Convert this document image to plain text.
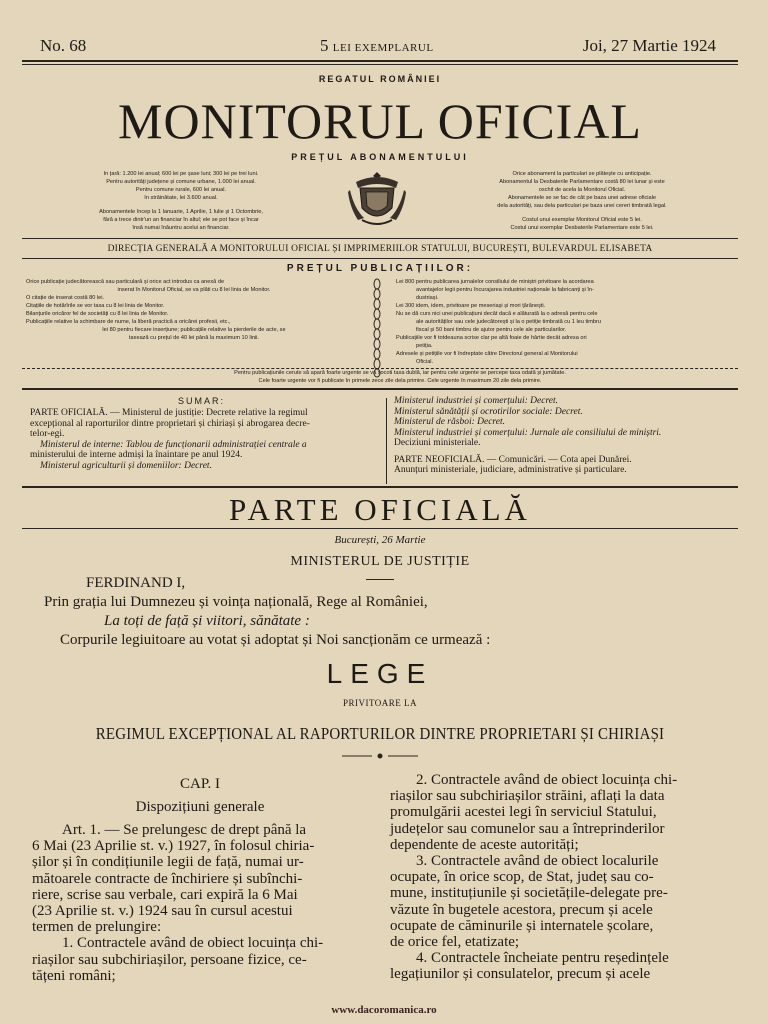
No. 68	5 LEI EXEMPLARUL	Joi, 27 Martie 1924
REGATUL ROMÂNIEI
MONITORUL OFICIAL
PREȚUL ABONAMENTULUI
In țară: 1.200 lei anual; 600 lei pe șase luni; 300 lei pe trei luni.
Pentru autorități județene și comune urbane, 1.000 lei anual.
Pentru comune rurale, 600 lei anual.
In străinătate, lei 3.600 anual.
Abonamentele încep la 1 Ianuarie, 1 Aprilie, 1 Iulie și 1 Octombrie,
fără a trece dintr'un an financiar în altul; ele se pot face și încar
însă numai înăuntru acelui an financiar.
Orice abonament la particulari se plătește cu anticipație.
Abonamentul la Desbaterile Parlamentare costă 80 lei lunar și este
oschit de acela la Monitorul Oficial.
Abonamentele se se fac de cât pe baza unei adrese oficiale
dela autorități, sau dela particulari pe baza unei cereri timbrată legal.
Costul unui exemplar Monitorul Oficial este 5 lei.
Costul unui exemplar Desbaterile Parlamentare este 5 lei.
DIRECȚIA GENERALĂ A MONITORULUI OFICIAL ȘI IMPRIMERIILOR STATULUI, BUCUREȘTI, BULEVARDUL ELISABETA
PREȚUL PUBLICAȚIILOR:
Orice publicație judecătorească sau particulară și orice act introdus ca anexă de
inserat în Monitorul Oficial, se va plăti cu 8 lei linia de Monitor.
O citație de inserat costă 80 lei.
Citațiile de hotărîrile se vor taxa cu 8 lei linia de Monitor.
Bilanțurile oricăror fel de societăți cu 8 lei linia de Monitor.
Publicațiile relative la schimbare de nume, la liberă practică a oricărei profesii, etc.,
lei 80 pentru fiecare inserțiune; publicațiile relative la pierderile de acte, se
taxează cu prețul de 40 lei până la maximum 10 linii.
Lei 800 pentru publicarea jurnalelor consiliului de miniștri privitoare la acordarea
avantajelor legii pentru încurajarea industriei naționale la fabricanți și în-
dustriași.
Lei 300 idem, idem, privitoare pe meseriași și mori țărănești.
Nu se dă curs nici unei publicațiuni decât dacă e alăturată la o adresă pentru cele
ale autorităților sau cele judecătorești și la o petiție timbrată cu 1 leu timbru
fiscal și 50 bani timbru de ajutor pentru cele ale particularilor.
Publicațiile vor fi totdeauna scrise clar pe altă foaie de hârtie decât adresa ori
petiția.
Adresele și petițiile vor fi îndreptate către Directorul general al Monitorului
Oficial.
Pentru publicațiunile cerute să apară foarte urgente se va socoti taxa dublă, iar pentru cele urgente se percepe taxa odată și jumătate.
Cele foarte urgente vor fi publicate în primele zece zile dela primire. Cele urgente în maximum 20 zile dela primire.
SUMAR:
PARTE OFICIALĂ. — Ministerul de justiție: Decrete relative la regimul
excepțional al raporturilor dintre proprietari și chiriași și abrogarea decre-
telor-egi.
Ministerul de interne: Tablou de funcționarii administrației centrale a
ministerului de interne admiși la înaintare pe anul 1924.
Ministerul agriculturii și domeniilor: Decret.
Ministerul industriei și comerțului: Decret.
Ministerul sănătății și ocrotirilor sociale: Decret.
Ministerul de răsboi: Decret.
Ministerul industriei și comerțului: Jurnale ale consiliului de miniștri.
Deciziuni ministeriale.
PARTE NEOFICIALĂ. — Comunicări. — Cota apei Dunărei.
Anunțuri ministeriale, judiciare, administrative și particulare.
PARTE OFICIALĂ
București, 26 Martie
MINISTERUL DE JUSTIȚIE
FERDINAND I,
Prin grația lui Dumnezeu și voința națională, Rege al României,
La toți de față și viitori, sănătate :
Corpurile legiuitoare au votat și adoptat și Noi sancționăm ce urmează :
LEGE
PRIVITOARE LA
REGIMUL EXCEPȚIONAL AL RAPORTURILOR DINTRE PROPRIETARI ȘI CHIRIAȘI
CAP. I
Dispozițiuni generale
Art. 1. — Se prelungesc de drept până la
6 Mai (23 Aprilie st. v.) 1927, în folosul chiria-
șilor și în condițiunile legii de față, numai ur-
mătoarele contracte de închiriere și subînchi-
riere, scrise sau verbale, cari expiră la 6 Mai
(23 Aprilie st. v.) 1924 sau în cursul acestui
termen de prelungire:
1. Contractele având de obiect locuința chi-
riașilor sau subchiriașilor, persoane fizice, ce-
tățeni români;
2. Contractele având de obiect locuința chi-
riașilor sau subchiriașilor străini, aflați la data
promulgării acestei legi în serviciul Statului,
județelor sau comunelor sau a întreprinderilor
dependente de aceste autorități;
3. Contractele având de obiect localurile
ocupate, în orice scop, de Stat, județ sau co-
mune, instituțiunile și societățile-delegate pre-
văzute în bugetele acestora, precum și acele
ocupate de căminurile și internatele școlare,
de orice fel, etatizate;
4. Contractele încheiate pentru reședințele
legațiunilor și consulatelor, precum și acele
www.dacoromanica.ro
